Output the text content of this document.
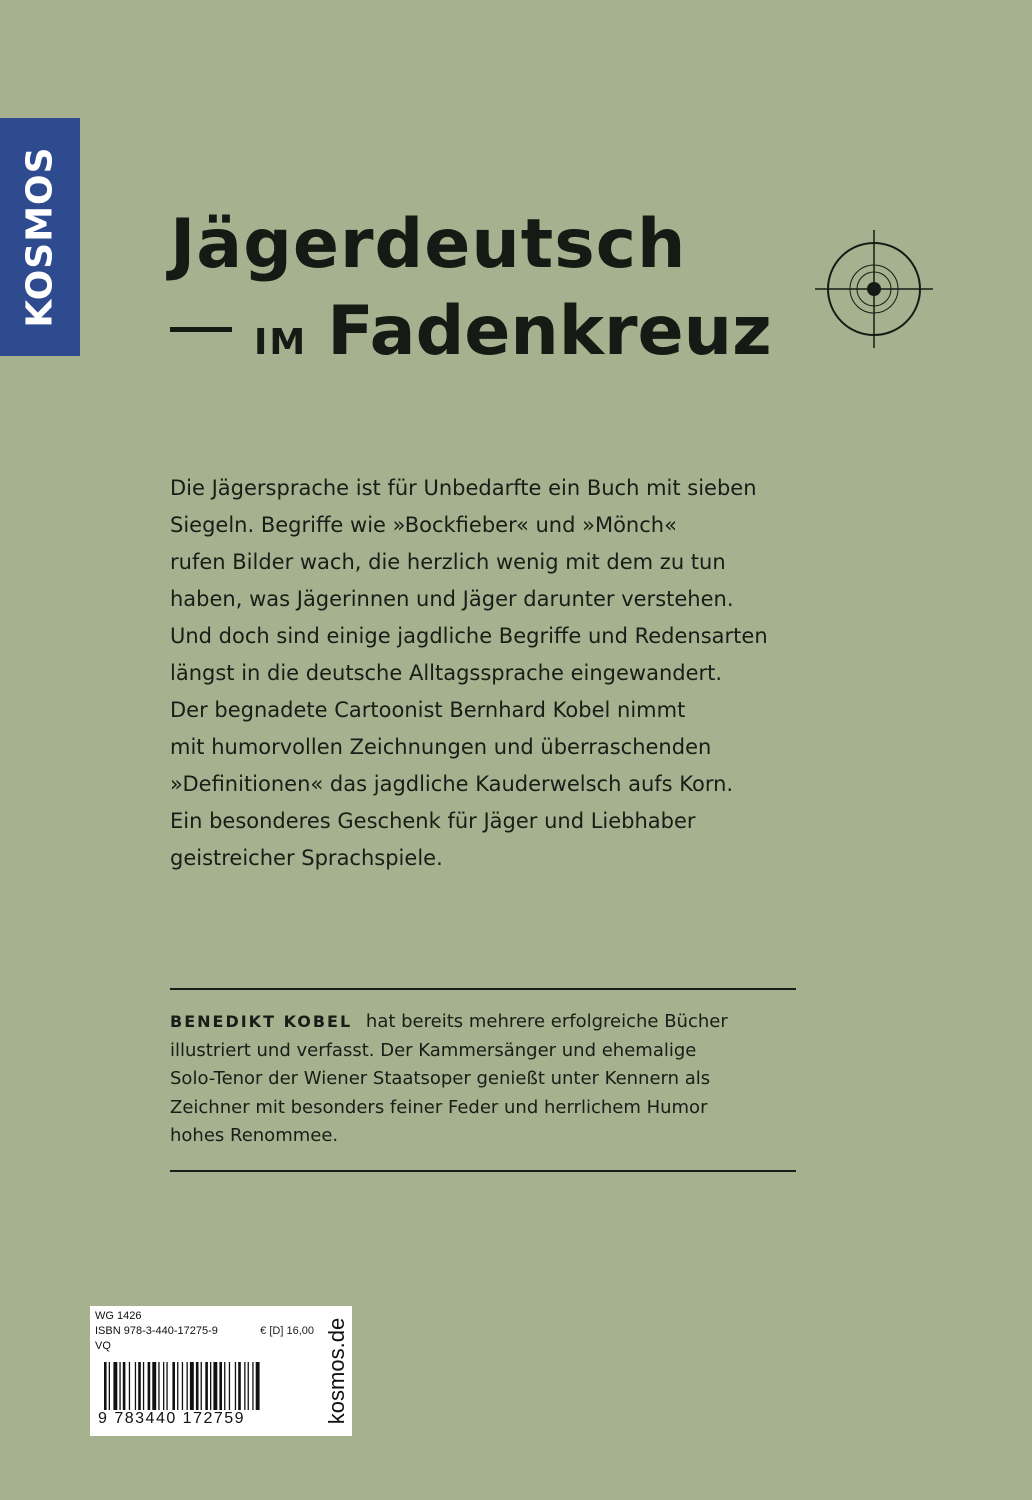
KOSMOS Jägerdeutsch
IM Fadenkreuz
Die Jägersprache ist für Unbedarfte ein Buch mit sieben
Siegeln. Begriffe wie »Bockfieber« und »Mönch«
rufen Bilder wach, die herzlich wenig mit dem zu tun
haben, was Jägerinnen und Jäger darunter verstehen.
Und doch sind einige jagdliche Begriffe und Redensarten
längst in die deutsche Alltagssprache eingewandert.
Der begnadete Cartoonist Bernhard Kobel nimmt
mit humorvollen Zeichnungen und überraschenden
»Definitionen« das jagdliche Kauderwelsch aufs Korn.
Ein besonderes Geschenk für Jäger und Liebhaber
geistreicher Sprachspiele.
BENEDIKT KOBEL hat bereits mehrere erfolgreiche Bücher
illustriert und verfasst. Der Kammersänger und ehemalige
Solo-Tenor der Wiener Staatsoper genießt unter Kennern als
Zeichner mit besonders feiner Feder und herrlichem Humor
hohes Renommee.
WG 1426
ISBN 978-3-440-17275-9	€ [D] 16,00
VQ
9 783440 172759	kosmos.de
